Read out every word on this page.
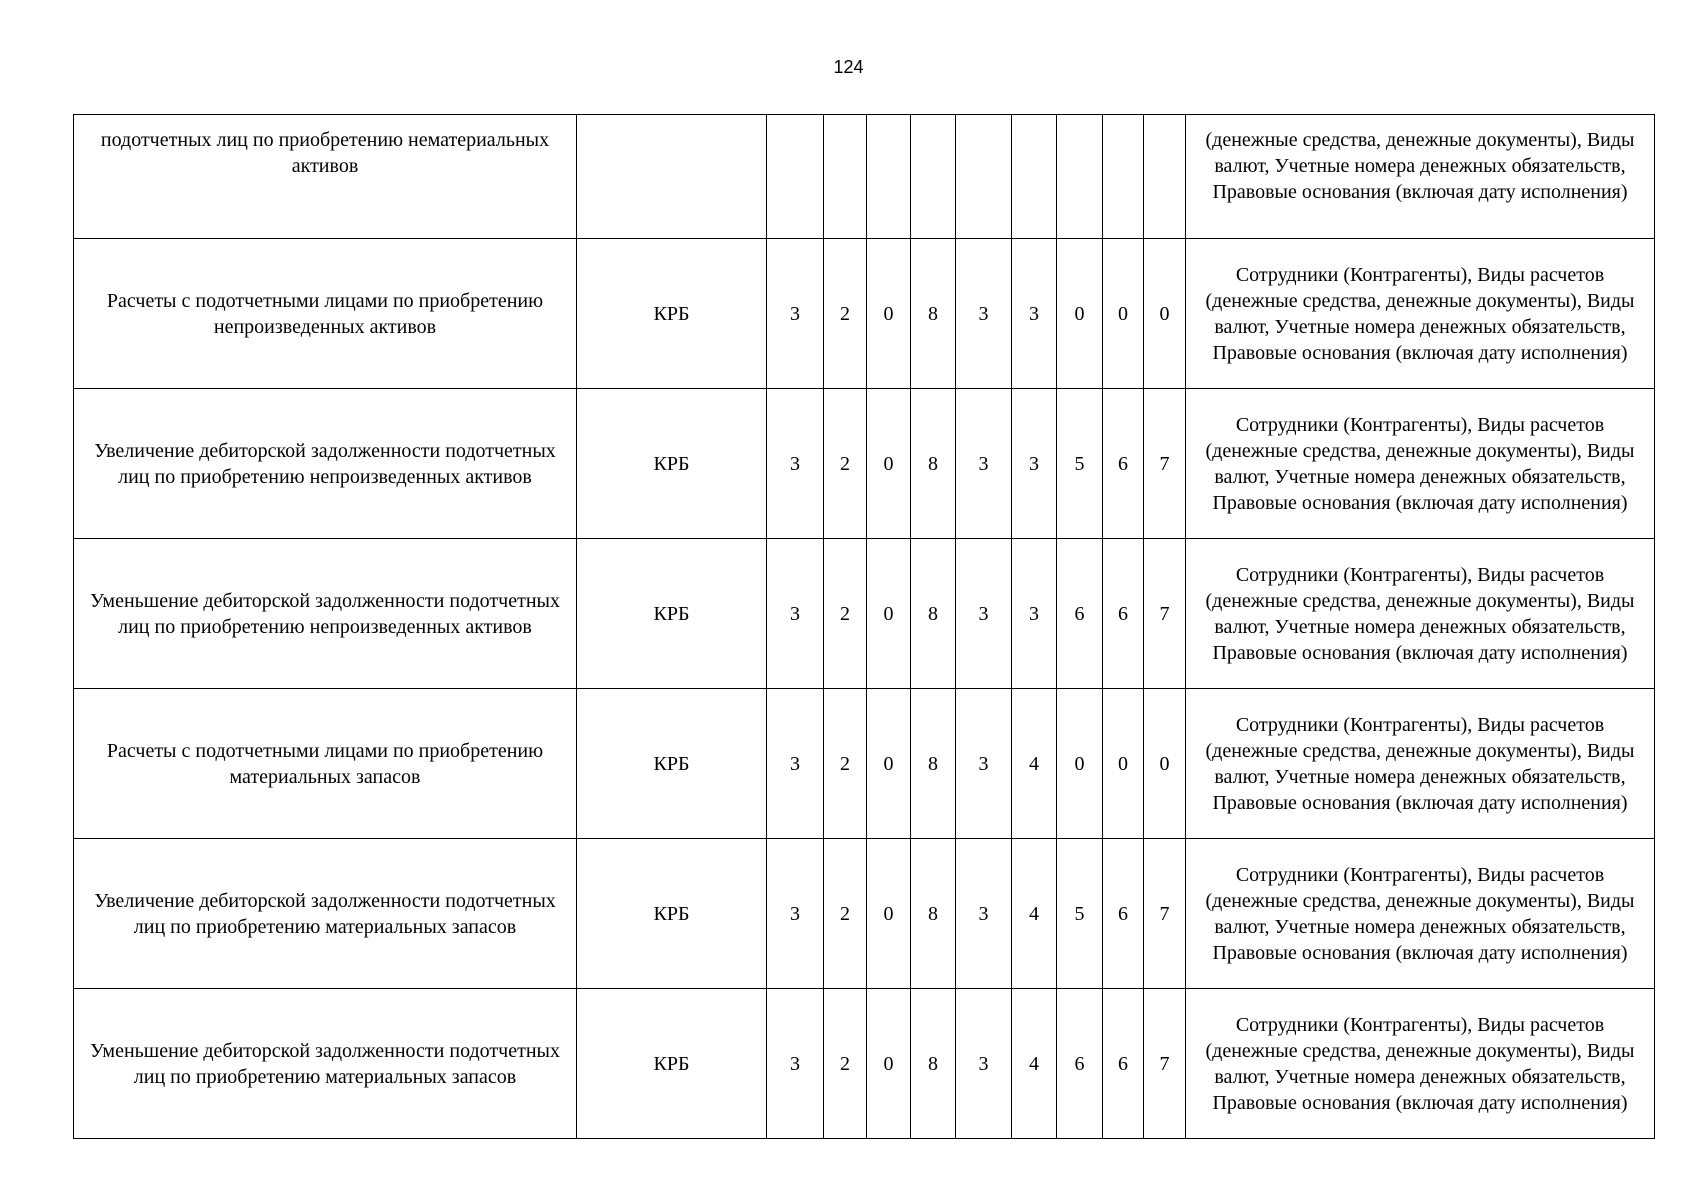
124
подотчетных лиц по приобретению нематериальных активов											(денежные средства, денежные документы), Виды валют, Учетные номера денежных обязательств, Правовые основания (включая дату исполнения)
Расчеты с подотчетными лицами по приобретению непроизведенных активов	КРБ	3	2	0	8	3	3	0	0	0	Сотрудники (Контрагенты), Виды расчетов (денежные средства, денежные документы), Виды валют, Учетные номера денежных обязательств, Правовые основания (включая дату исполнения)
Увеличение дебиторской задолженности подотчетных лиц по приобретению непроизведенных активов	КРБ	3	2	0	8	3	3	5	6	7	Сотрудники (Контрагенты), Виды расчетов (денежные средства, денежные документы), Виды валют, Учетные номера денежных обязательств, Правовые основания (включая дату исполнения)
Уменьшение дебиторской задолженности подотчетных лиц по приобретению непроизведенных активов	КРБ	3	2	0	8	3	3	6	6	7	Сотрудники (Контрагенты), Виды расчетов (денежные средства, денежные документы), Виды валют, Учетные номера денежных обязательств, Правовые основания (включая дату исполнения)
Расчеты с подотчетными лицами по приобретению материальных запасов	КРБ	3	2	0	8	3	4	0	0	0	Сотрудники (Контрагенты), Виды расчетов (денежные средства, денежные документы), Виды валют, Учетные номера денежных обязательств, Правовые основания (включая дату исполнения)
Увеличение дебиторской задолженности подотчетных лиц по приобретению материальных запасов	КРБ	3	2	0	8	3	4	5	6	7	Сотрудники (Контрагенты), Виды расчетов (денежные средства, денежные документы), Виды валют, Учетные номера денежных обязательств, Правовые основания (включая дату исполнения)
Уменьшение дебиторской задолженности подотчетных лиц по приобретению материальных запасов	КРБ	3	2	0	8	3	4	6	6	7	Сотрудники (Контрагенты), Виды расчетов (денежные средства, денежные документы), Виды валют, Учетные номера денежных обязательств, Правовые основания (включая дату исполнения)
